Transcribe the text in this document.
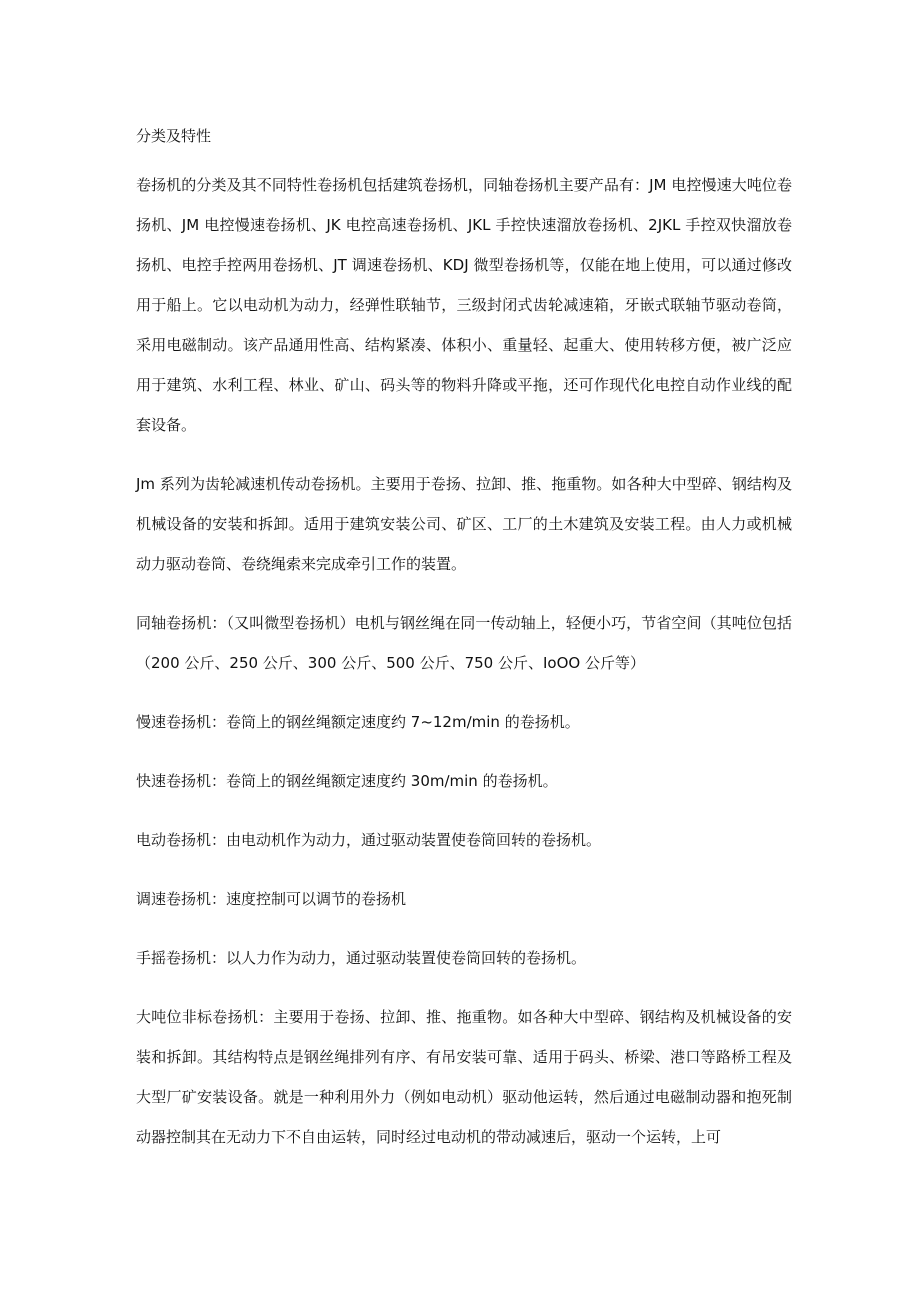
分类及特性

卷扬机的分类及其不同特性卷扬机包括建筑卷扬机，同轴卷扬机主要产品有：JM 电控慢速大吨位卷扬机、JM 电控慢速卷扬机、JK 电控高速卷扬机、JKL 手控快速溜放卷扬机、2JKL 手控双快溜放卷扬机、电控手控两用卷扬机、JT 调速卷扬机、KDJ 微型卷扬机等，仅能在地上使用，可以通过修改用于船上。它以电动机为动力，经弹性联轴节，三级封闭式齿轮减速箱，牙嵌式联轴节驱动卷筒，采用电磁制动。该产品通用性高、结构紧凑、体积小、重量轻、起重大、使用转移方便，被广泛应用于建筑、水利工程、林业、矿山、码头等的物料升降或平拖，还可作现代化电控自动作业线的配套设备。

Jm 系列为齿轮减速机传动卷扬机。主要用于卷扬、拉卸、推、拖重物。如各种大中型碎、钢结构及机械设备的安装和拆卸。适用于建筑安装公司、矿区、工厂的土木建筑及安装工程。由人力或机械动力驱动卷筒、卷绕绳索来完成牵引工作的装置。

同轴卷扬机：（又叫微型卷扬机）电机与钢丝绳在同一传动轴上，轻便小巧，节省空间（其吨位包括（200 公斤、250 公斤、300 公斤、500 公斤、750 公斤、IoOO 公斤等）

慢速卷扬机：卷筒上的钢丝绳额定速度约 7~12m∕min 的卷扬机。

快速卷扬机：卷筒上的钢丝绳额定速度约 30m∕min 的卷扬机。

电动卷扬机：由电动机作为动力，通过驱动装置使卷筒回转的卷扬机。

调速卷扬机：速度控制可以调节的卷扬机

手摇卷扬机：以人力作为动力，通过驱动装置使卷筒回转的卷扬机。

大吨位非标卷扬机：主要用于卷扬、拉卸、推、拖重物。如各种大中型碎、钢结构及机械设备的安装和拆卸。其结构特点是钢丝绳排列有序、有吊安装可靠、适用于码头、桥梁、港口等路桥工程及大型厂矿安装设备。就是一种利用外力（例如电动机）驱动他运转，然后通过电磁制动器和抱死制动器控制其在无动力下不自由运转，同时经过电动机的带动减速后，驱动一个运转，上可
